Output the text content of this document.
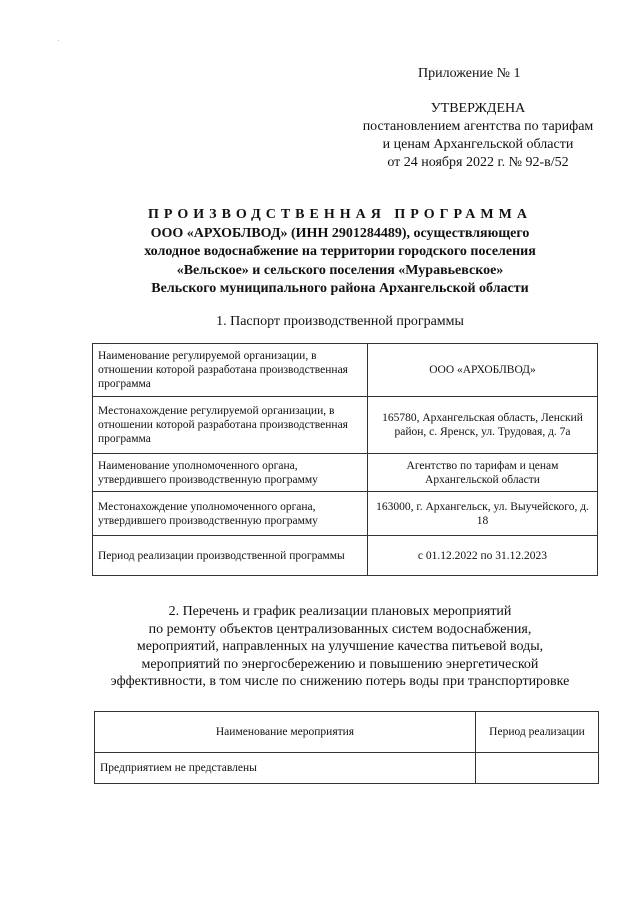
Приложение № 1
УТВЕРЖДЕНА
постановлением агентства по тарифам
и ценам Архангельской области
от 24 ноября 2022 г. № 92-в/52
ПРОИЗВОДСТВЕННАЯ ПРОГРАММА
ООО «АРХОБЛВОД» (ИНН 2901284489), осуществляющего
холодное водоснабжение на территории городского поселения
«Вельское» и сельского поселения «Муравьевское»
Вельского муниципального района Архангельской области
1. Паспорт производственной программы
Наименование регулируемой организации, в отношении которой разработана производственная программа	ООО «АРХОБЛВОД»
Местонахождение регулируемой организации, в отношении которой разработана производственная программа	165780, Архангельская область, Ленский район, с. Яренск, ул. Трудовая, д. 7а
Наименование уполномоченного органа, утвердившего производственную программу	Агентство по тарифам и ценам Архангельской области
Местонахождение уполномоченного органа, утвердившего производственную программу	163000, г. Архангельск, ул. Выучейского, д. 18
Период реализации производственной программы	с 01.12.2022 по 31.12.2023
2. Перечень и график реализации плановых мероприятий
по ремонту объектов централизованных систем водоснабжения,
мероприятий, направленных на улучшение качества питьевой воды,
мероприятий по энергосбережению и повышению энергетической
эффективности, в том числе по снижению потерь воды при транспортировке
Наименование мероприятия	Период реализации
Предприятием не представлены	
